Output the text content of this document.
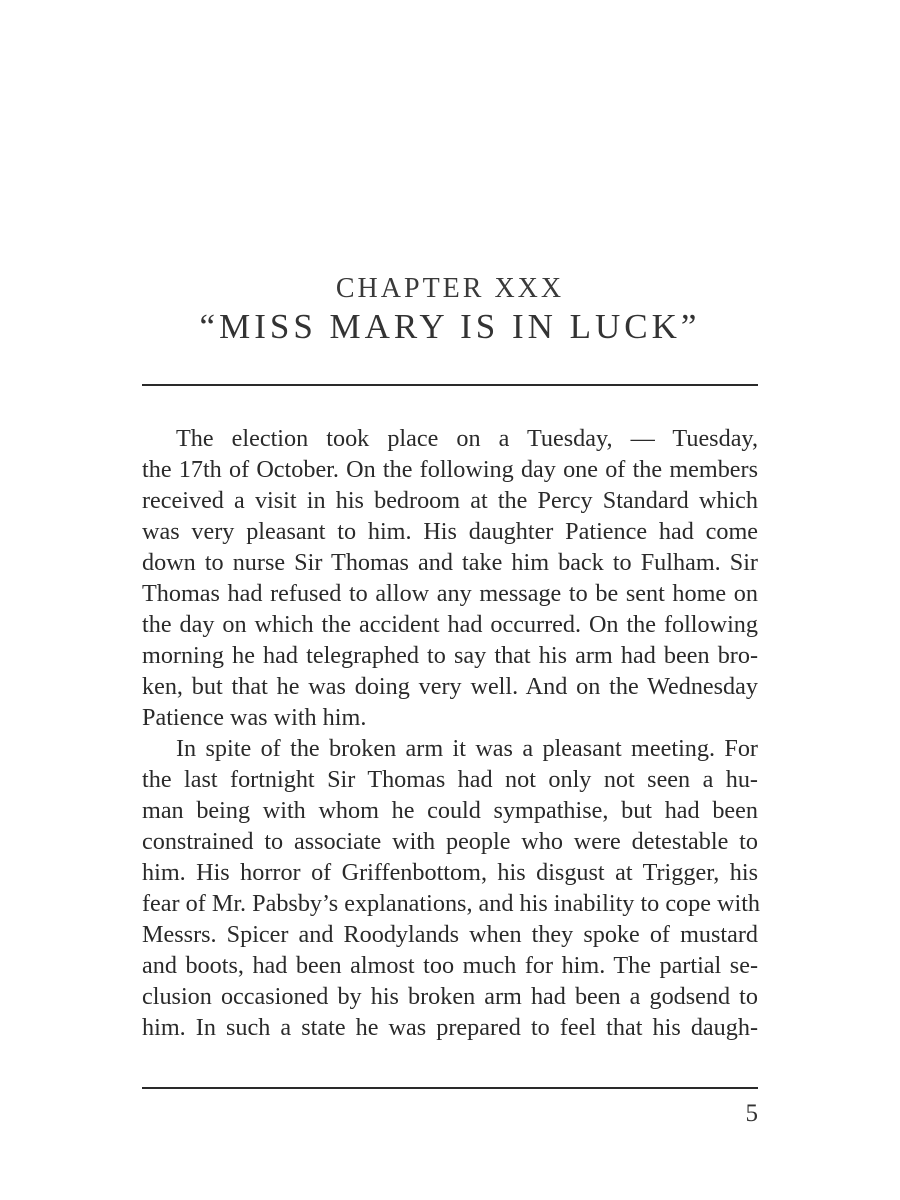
CHAPTER XXX
“MISS MARY IS IN LUCK”
The election took place on a Tuesday, — Tuesday,
the 17th of October. On the following day one of the members
received a visit in his bedroom at the Percy Standard which
was very pleasant to him. His daughter Patience had come
down to nurse Sir Thomas and take him back to Fulham. Sir
Thomas had refused to allow any message to be sent home on
the day on which the accident had occurred. On the following
morning he had telegraphed to say that his arm had been bro-
ken, but that he was doing very well. And on the Wednesday
Patience was with him.
In spite of the broken arm it was a pleasant meeting. For
the last fortnight Sir Thomas had not only not seen a hu-
man being with whom he could sympathise, but had been
constrained to associate with people who were detestable to
him. His horror of Griffenbottom, his disgust at Trigger, his
fear of Mr. Pabsby’s explanations, and his inability to cope with
Messrs. Spicer and Roodylands when they spoke of mustard
and boots, had been almost too much for him. The partial se-
clusion occasioned by his broken arm had been a godsend to
him. In such a state he was prepared to feel that his daugh-
5
